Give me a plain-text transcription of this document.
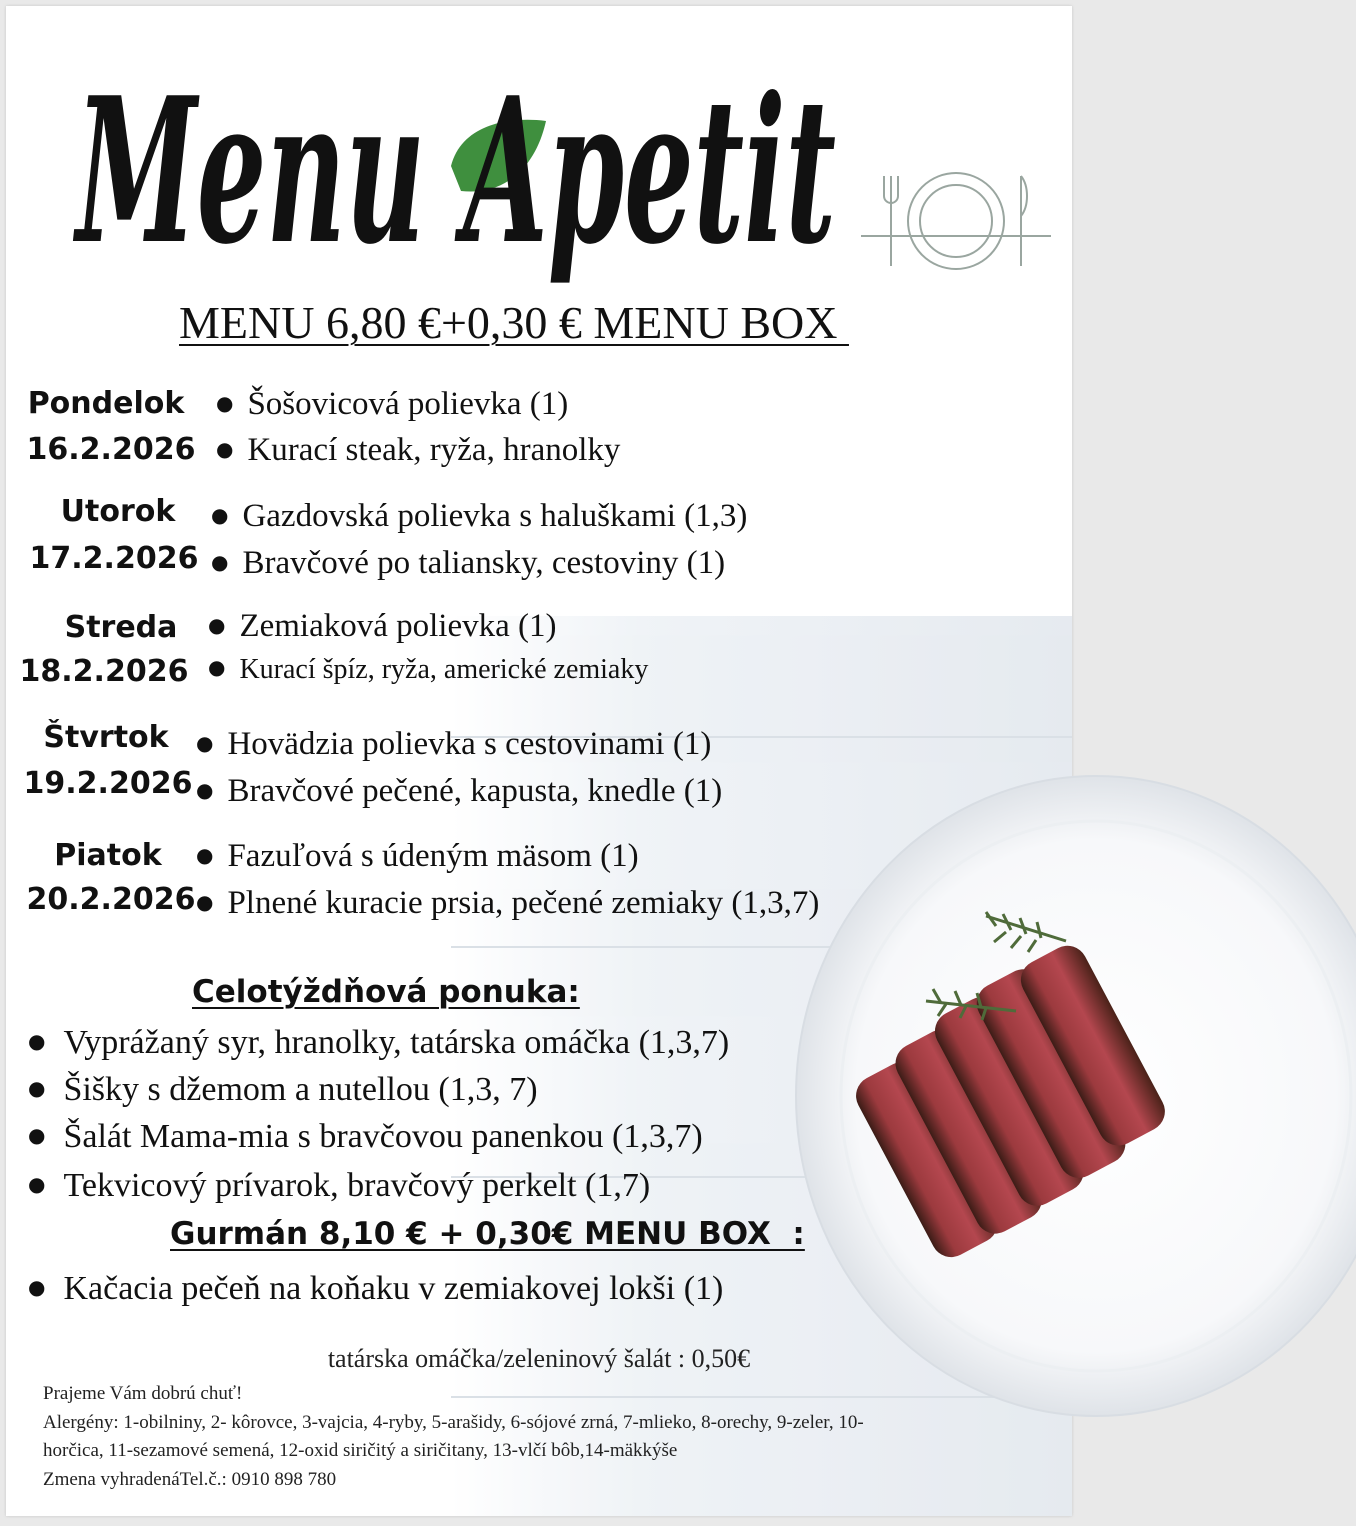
Menu Apetit
MENU 6,80 €+0,30 € MENU BOX
Pondelok
16.2.2026
● Šošovicová polievka (1)
● Kurací steak, ryža, hranolky
Utorok
17.2.2026
● Gazdovská polievka s haluškami (1,3)
● Bravčové po taliansky, cestoviny (1)
Streda
18.2.2026
● Zemiaková polievka (1)
● Kurací špíz, ryža, americké zemiaky
Štvrtok
19.2.2026
● Hovädzia polievka s cestovinami (1)
● Bravčové pečené, kapusta, knedle (1)
Piatok
20.2.2026
● Fazuľová s údeným mäsom (1)
● Plnené kuracie prsia, pečené zemiaky (1,3,7)
Celotýždňová ponuka:
● Vyprážaný syr, hranolky, tatárska omáčka (1,3,7)
● Šišky s džemom a nutellou (1,3, 7)
● Šalát Mama-mia s bravčovou panenkou (1,3,7)
● Tekvicový prívarok, bravčový perkelt (1,7)
Gurmán 8,10 € + 0,30€ MENU BOX  :
● Kačacia pečeň na koňaku v zemiakovej lokši (1)
tatárska omáčka/zeleninový šalát : 0,50€
Prajeme Vám dobrú chuť!
Alergény: 1-obilniny, 2- kôrovce, 3-vajcia, 4-ryby, 5-arašidy, 6-sójové zrná, 7-mlieko, 8-orechy, 9-zeler, 10-
horčica, 11-sezamové semená, 12-oxid siričitý a siričitany, 13-vlčí bôb,14-mäkkýše
Zmena vyhradenáTel.č.: 0910 898 780
